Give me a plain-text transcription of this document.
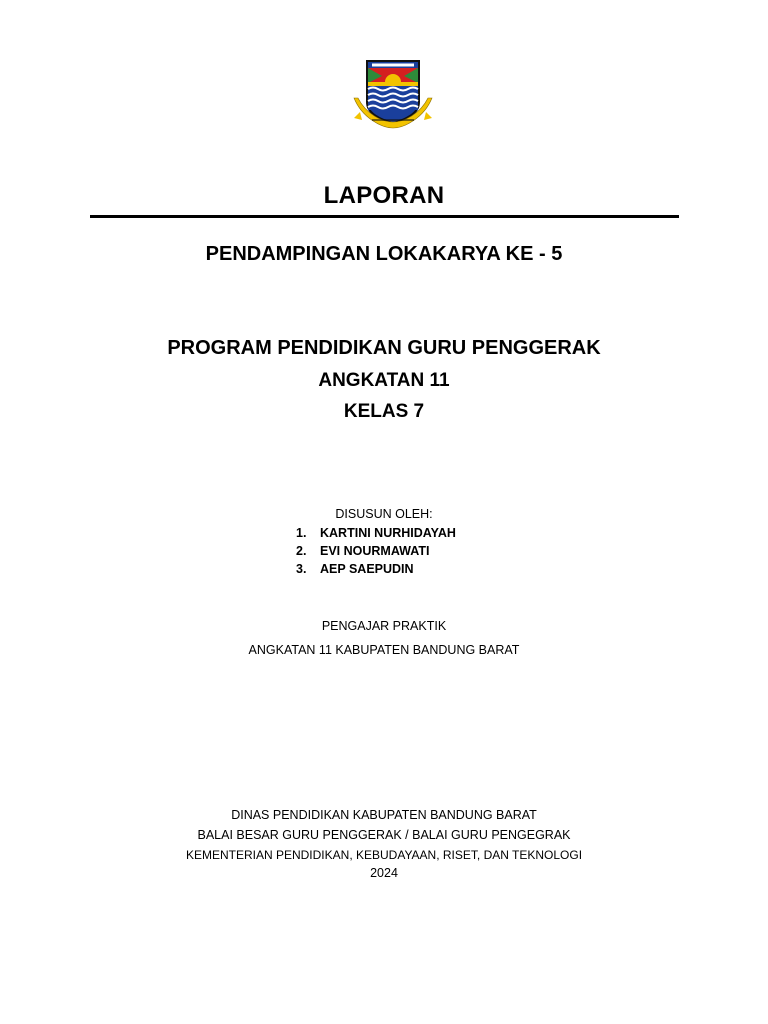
LAPORAN
PENDAMPINGAN LOKAKARYA KE - 5
PROGRAM PENDIDIKAN GURU PENGGERAK
ANGKATAN 11
KELAS 7
DISUSUN OLEH:
1. KARTINI NURHIDAYAH
2. EVI NOURMAWATI
3. AEP SAEPUDIN
PENGAJAR PRAKTIK
ANGKATAN 11 KABUPATEN BANDUNG BARAT
DINAS PENDIDIKAN KABUPATEN BANDUNG BARAT
BALAI BESAR GURU PENGGERAK / BALAI GURU PENGEGRAK
KEMENTERIAN PENDIDIKAN, KEBUDAYAAN, RISET, DAN TEKNOLOGI
2024
